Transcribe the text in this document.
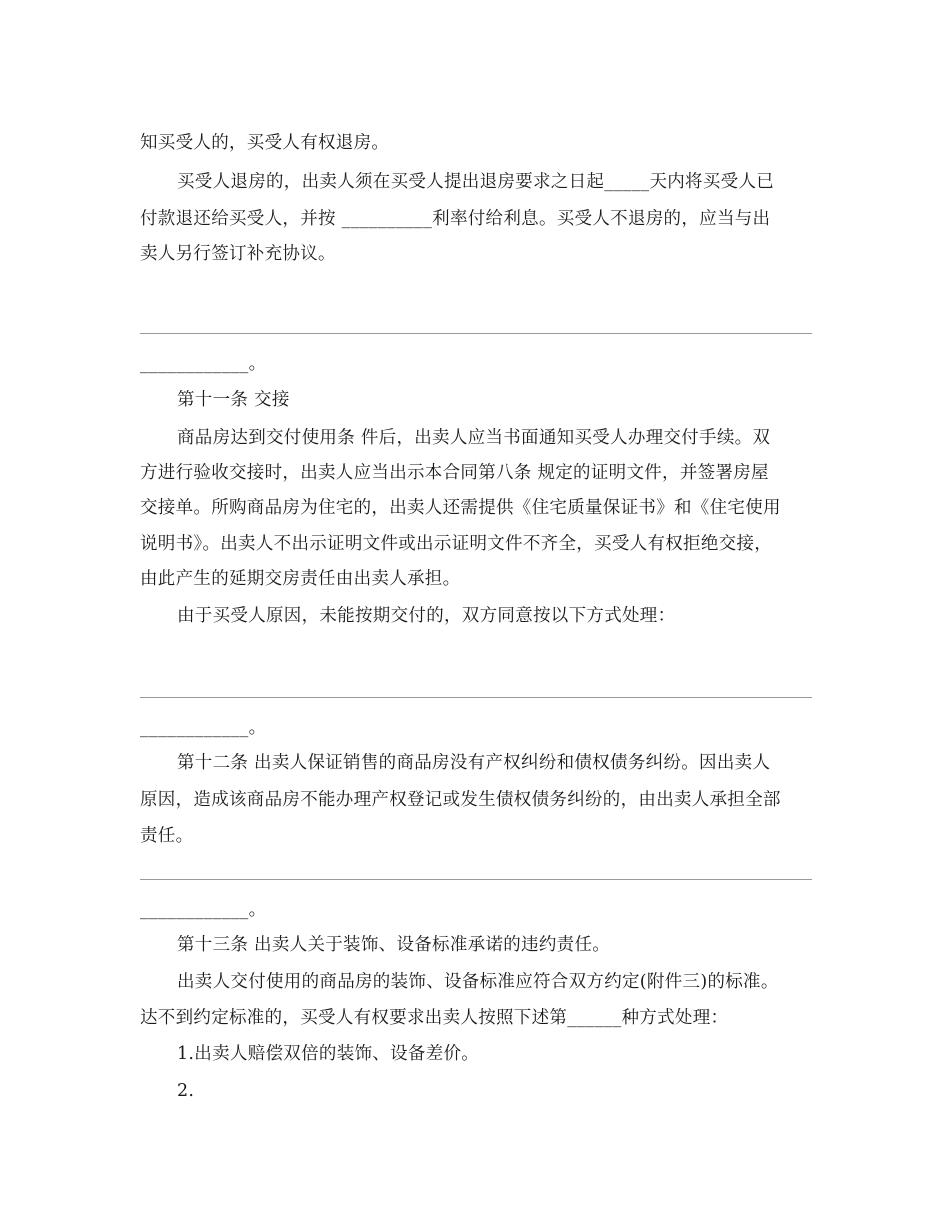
知买受人的，买受人有权退房。
买受人退房的，出卖人须在买受人提出退房要求之日起_____天内将买受人已
付款退还给买受人，并按 __________利率付给利息。买受人不退房的，应当与出
卖人另行签订补充协议。
____________。
第十一条 交接
商品房达到交付使用条 件后，出卖人应当书面通知买受人办理交付手续。双
方进行验收交接时，出卖人应当出示本合同第八条 规定的证明文件，并签署房屋
交接单。所购商品房为住宅的，出卖人还需提供《住宅质量保证书》和《住宅使用
说明书》。出卖人不出示证明文件或出示证明文件不齐全，买受人有权拒绝交接，
由此产生的延期交房责任由出卖人承担。
由于买受人原因，未能按期交付的，双方同意按以下方式处理：
____________。
第十二条 出卖人保证销售的商品房没有产权纠纷和债权债务纠纷。因出卖人
原因，造成该商品房不能办理产权登记或发生债权债务纠纷的，由出卖人承担全部
责任。
____________。
第十三条 出卖人关于装饰、设备标准承诺的违约责任。
出卖人交付使用的商品房的装饰、设备标准应符合双方约定(附件三)的标准。
达不到约定标准的，买受人有权要求出卖人按照下述第______种方式处理：
1.出卖人赔偿双倍的装饰、设备差价。
2.
